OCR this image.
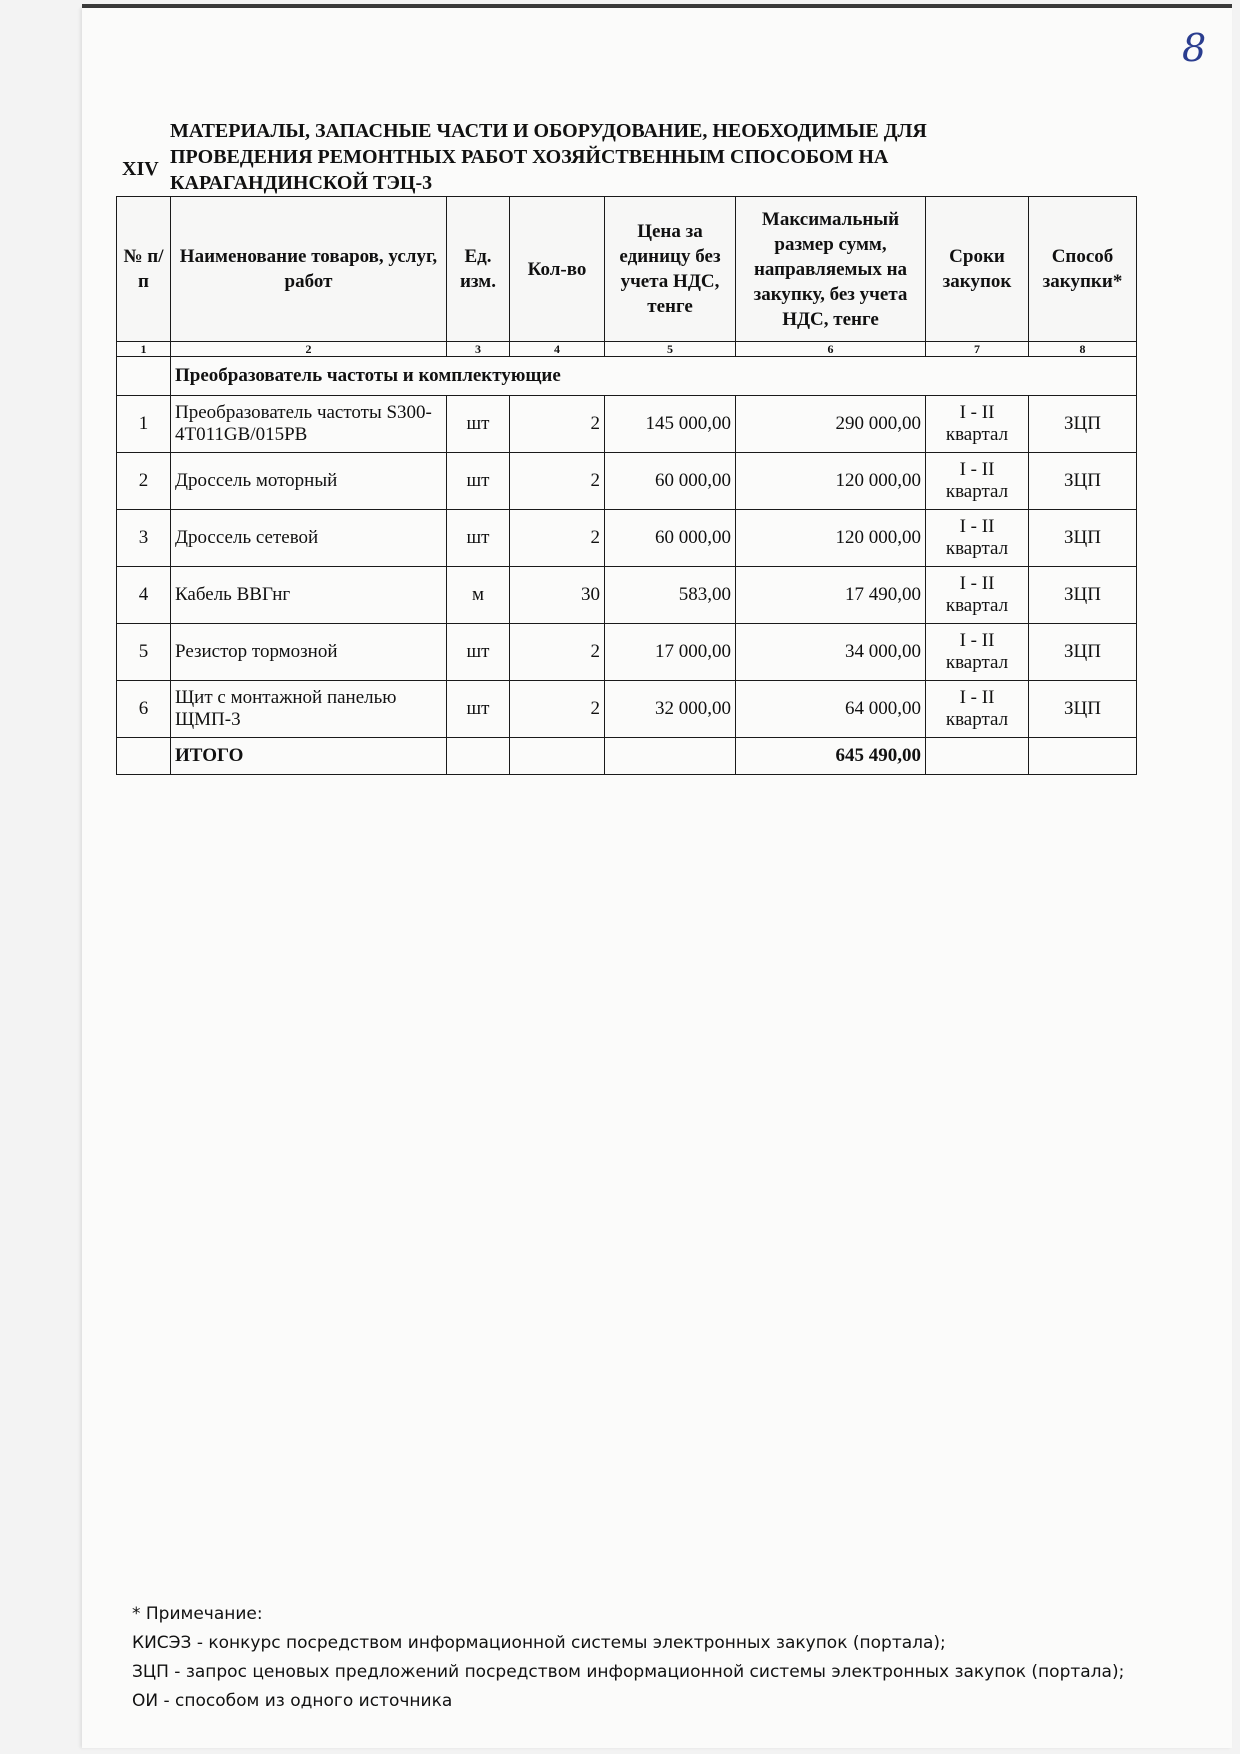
8
XIV
МАТЕРИАЛЫ, ЗАПАСНЫЕ ЧАСТИ И ОБОРУДОВАНИЕ, НЕОБХОДИМЫЕ ДЛЯ ПРОВЕДЕНИЯ РЕМОНТНЫХ РАБОТ ХОЗЯЙСТВЕННЫМ СПОСОБОМ НА КАРАГАНДИНСКОЙ ТЭЦ-3
№ п/п	Наименование товаров, услуг, работ	Ед. изм.	Кол-во	Цена за единицу без учета НДС, тенге	Максимальный размер сумм, направляемых на закупку, без учета НДС, тенге	Сроки закупок	Способ закупки*
1	2	3	4	5	6	7	8
	Преобразователь частоты и комплектующие						
1	Преобразователь частоты S300-4T011GB/015PB	шт	2	145 000,00	290 000,00	I - II квартал	ЗЦП
2	Дроссель моторный	шт	2	60 000,00	120 000,00	I - II квартал	ЗЦП
3	Дроссель сетевой	шт	2	60 000,00	120 000,00	I - II квартал	ЗЦП
4	Кабель ВВГнг	м	30	583,00	17 490,00	I - II квартал	ЗЦП
5	Резистор тормозной	шт	2	17 000,00	34 000,00	I - II квартал	ЗЦП
6	Щит с монтажной панелью ЩМП-3	шт	2	32 000,00	64 000,00	I - II квартал	ЗЦП
	ИТОГО				645 490,00		
* Примечание:
КИСЭЗ - конкурс посредством информационной системы электронных закупок (портала);
ЗЦП - запрос ценовых предложений посредством информационной системы электронных закупок (портала);
ОИ - способом из одного источника
